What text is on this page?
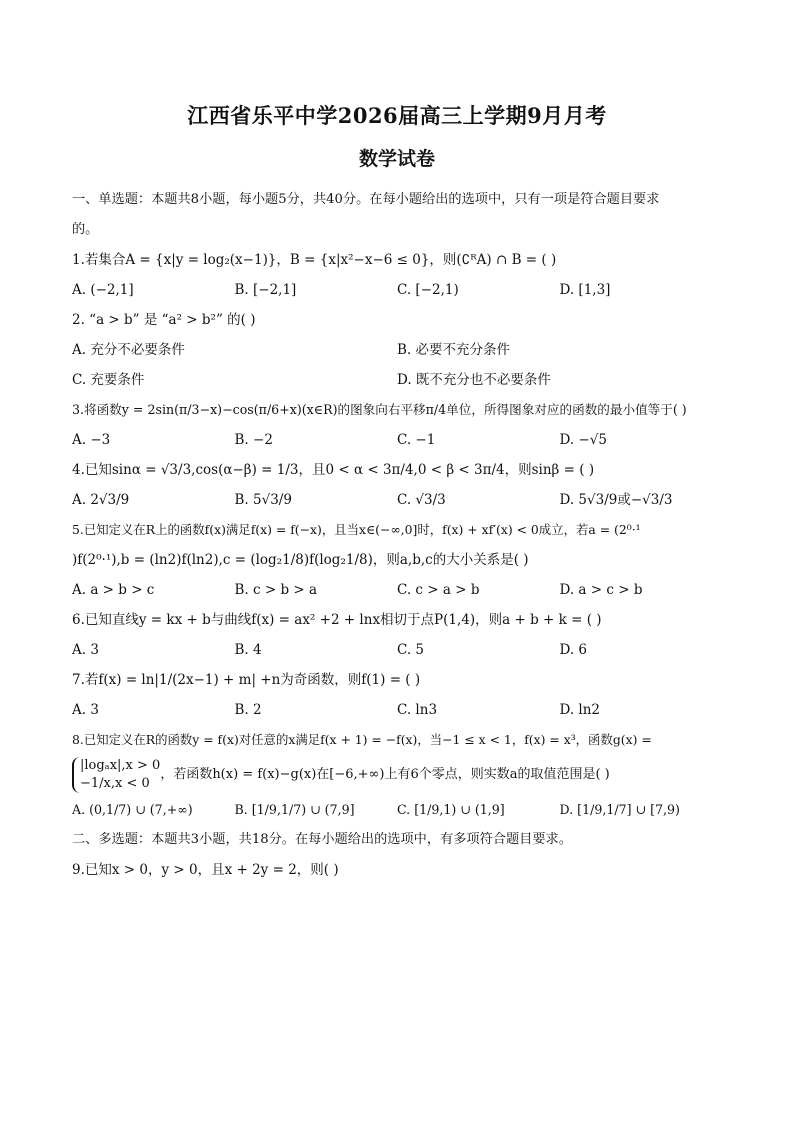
江西省乐平中学2026届高三上学期9月月考
数学试卷

一、单选题：本题共8小题，每小题5分，共40分。在每小题给出的选项中，只有一项是符合题目要求
的。

1.若集合A = {x|y = log₂(x−1)}，B = {x|x²−x−6 ≤ 0}，则(∁ᴿA) ∩ B = ( )

A. (−2,1]	B. [−2,1]	C. [−2,1)	D. [1,3]

2. “a > b” 是 “a² > b²” 的( )

A. 充分不必要条件	B. 必要不充分条件
C. 充要条件	D. 既不充分也不必要条件

3.将函数y = 2sin(π/3−x)−cos(π/6+x)(x∈R)的图象向右平移π/4单位，所得图象对应的函数的最小值等于( )

A. −3	B. −2	C. −1	D. −√5

4.已知sinα = √3/3,cos(α−β) = 1/3，且0 < α < 3π/4,0 < β < 3π/4，则sinβ = ( )

A. 2√3/9	B. 5√3/9	C. √3/3	D. 5√3/9或−√3/3

5.已知定义在R上的函数f(x)满足f(x) = f(−x)，且当x∈(−∞,0]时，f(x) + xf′(x) < 0成立，若a = (2⁰·¹

)f(2⁰·¹),b = (ln2)f(ln2),c = (log₂1/8)f(log₂1/8)，则a,b,c的大小关系是( )

A. a > b > c	B. c > b > a	C. c > a > b	D. a > c > b

6.已知直线y = kx + b与曲线f(x) = ax² +2 + lnx相切于点P(1,4)，则a + b + k = ( )

A. 3	B. 4	C. 5	D. 6

7.若f(x) = ln|1/(2x−1) + m| +n为奇函数，则f(1) = ( )

A. 3	B. 2	C. ln3	D. ln2

8.已知定义在R的函数y = f(x)对任意的x满足f(x + 1) = −f(x)，当−1 ≤ x < 1，f(x) = x³，函数g(x) =

|logₐx|,x > 0
−1/x,x < 0
，若函数h(x) = f(x)−g(x)在[−6,+∞)上有6个零点，则实数a的取值范围是( )
A. (0,1/7) ∪ (7,+∞)	B. [1/9,1/7) ∪ (7,9]	C. [1/9,1) ∪ (1,9]	D. [1/9,1/7] ∪ [7,9)

二、多选题：本题共3小题，共18分。在每小题给出的选项中，有多项符合题目要求。

9.已知x > 0，y > 0，且x + 2y = 2，则( )
